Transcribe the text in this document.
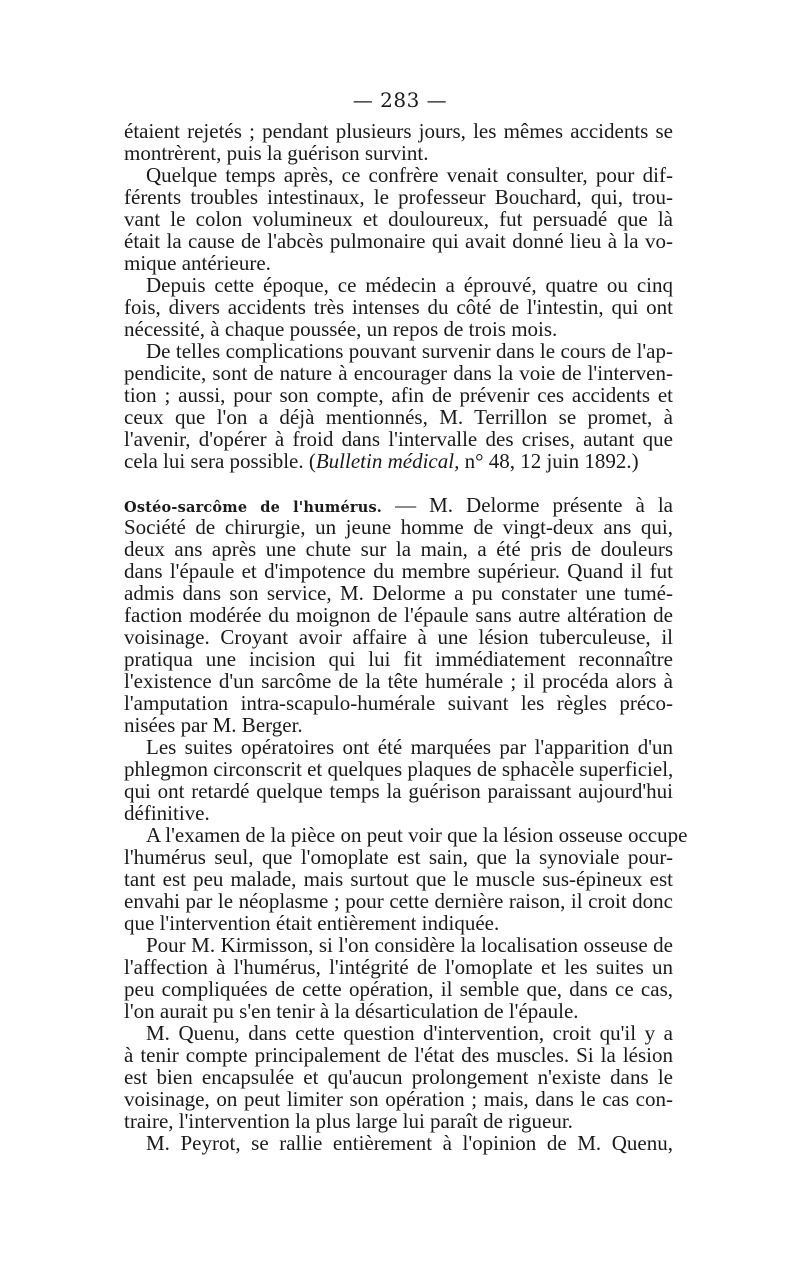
— 283 —
étaient rejetés ; pendant plusieurs jours, les mêmes accidents se
montrèrent, puis la guérison survint.
Quelque temps après, ce confrère venait consulter, pour dif-
férents troubles intestinaux, le professeur Bouchard, qui, trou-
vant le colon volumineux et douloureux, fut persuadé que là
était la cause de l'abcès pulmonaire qui avait donné lieu à la vo-
mique antérieure.
Depuis cette époque, ce médecin a éprouvé, quatre ou cinq
fois, divers accidents très intenses du côté de l'intestin, qui ont
nécessité, à chaque poussée, un repos de trois mois.
De telles complications pouvant survenir dans le cours de l'ap-
pendicite, sont de nature à encourager dans la voie de l'interven-
tion ; aussi, pour son compte, afin de prévenir ces accidents et
ceux que l'on a déjà mentionnés, M. Terrillon se promet, à
l'avenir, d'opérer à froid dans l'intervalle des crises, autant que
cela lui sera possible. (Bulletin médical, n° 48, 12 juin 1892.)
Ostéo-sarcôme de l'humérus. — M. Delorme présente à la
Société de chirurgie, un jeune homme de vingt-deux ans qui,
deux ans après une chute sur la main, a été pris de douleurs
dans l'épaule et d'impotence du membre supérieur. Quand il fut
admis dans son service, M. Delorme a pu constater une tumé-
faction modérée du moignon de l'épaule sans autre altération de
voisinage. Croyant avoir affaire à une lésion tuberculeuse, il
pratiqua une incision qui lui fit immédiatement reconnaître
l'existence d'un sarcôme de la tête humérale ; il procéda alors à
l'amputation intra-scapulo-humérale suivant les règles préco-
nisées par M. Berger.
Les suites opératoires ont été marquées par l'apparition d'un
phlegmon circonscrit et quelques plaques de sphacèle superficiel,
qui ont retardé quelque temps la guérison paraissant aujourd'hui
définitive.
A l'examen de la pièce on peut voir que la lésion osseuse occupe
l'humérus seul, que l'omoplate est sain, que la synoviale pour-
tant est peu malade, mais surtout que le muscle sus-épineux est
envahi par le néoplasme ; pour cette dernière raison, il croit donc
que l'intervention était entièrement indiquée.
Pour M. Kirmisson, si l'on considère la localisation osseuse de
l'affection à l'humérus, l'intégrité de l'omoplate et les suites un
peu compliquées de cette opération, il semble que, dans ce cas,
l'on aurait pu s'en tenir à la désarticulation de l'épaule.
M. Quenu, dans cette question d'intervention, croit qu'il y a
à tenir compte principalement de l'état des muscles. Si la lésion
est bien encapsulée et qu'aucun prolongement n'existe dans le
voisinage, on peut limiter son opération ; mais, dans le cas con-
traire, l'intervention la plus large lui paraît de rigueur.
M. Peyrot, se rallie entièrement à l'opinion de M. Quenu,
